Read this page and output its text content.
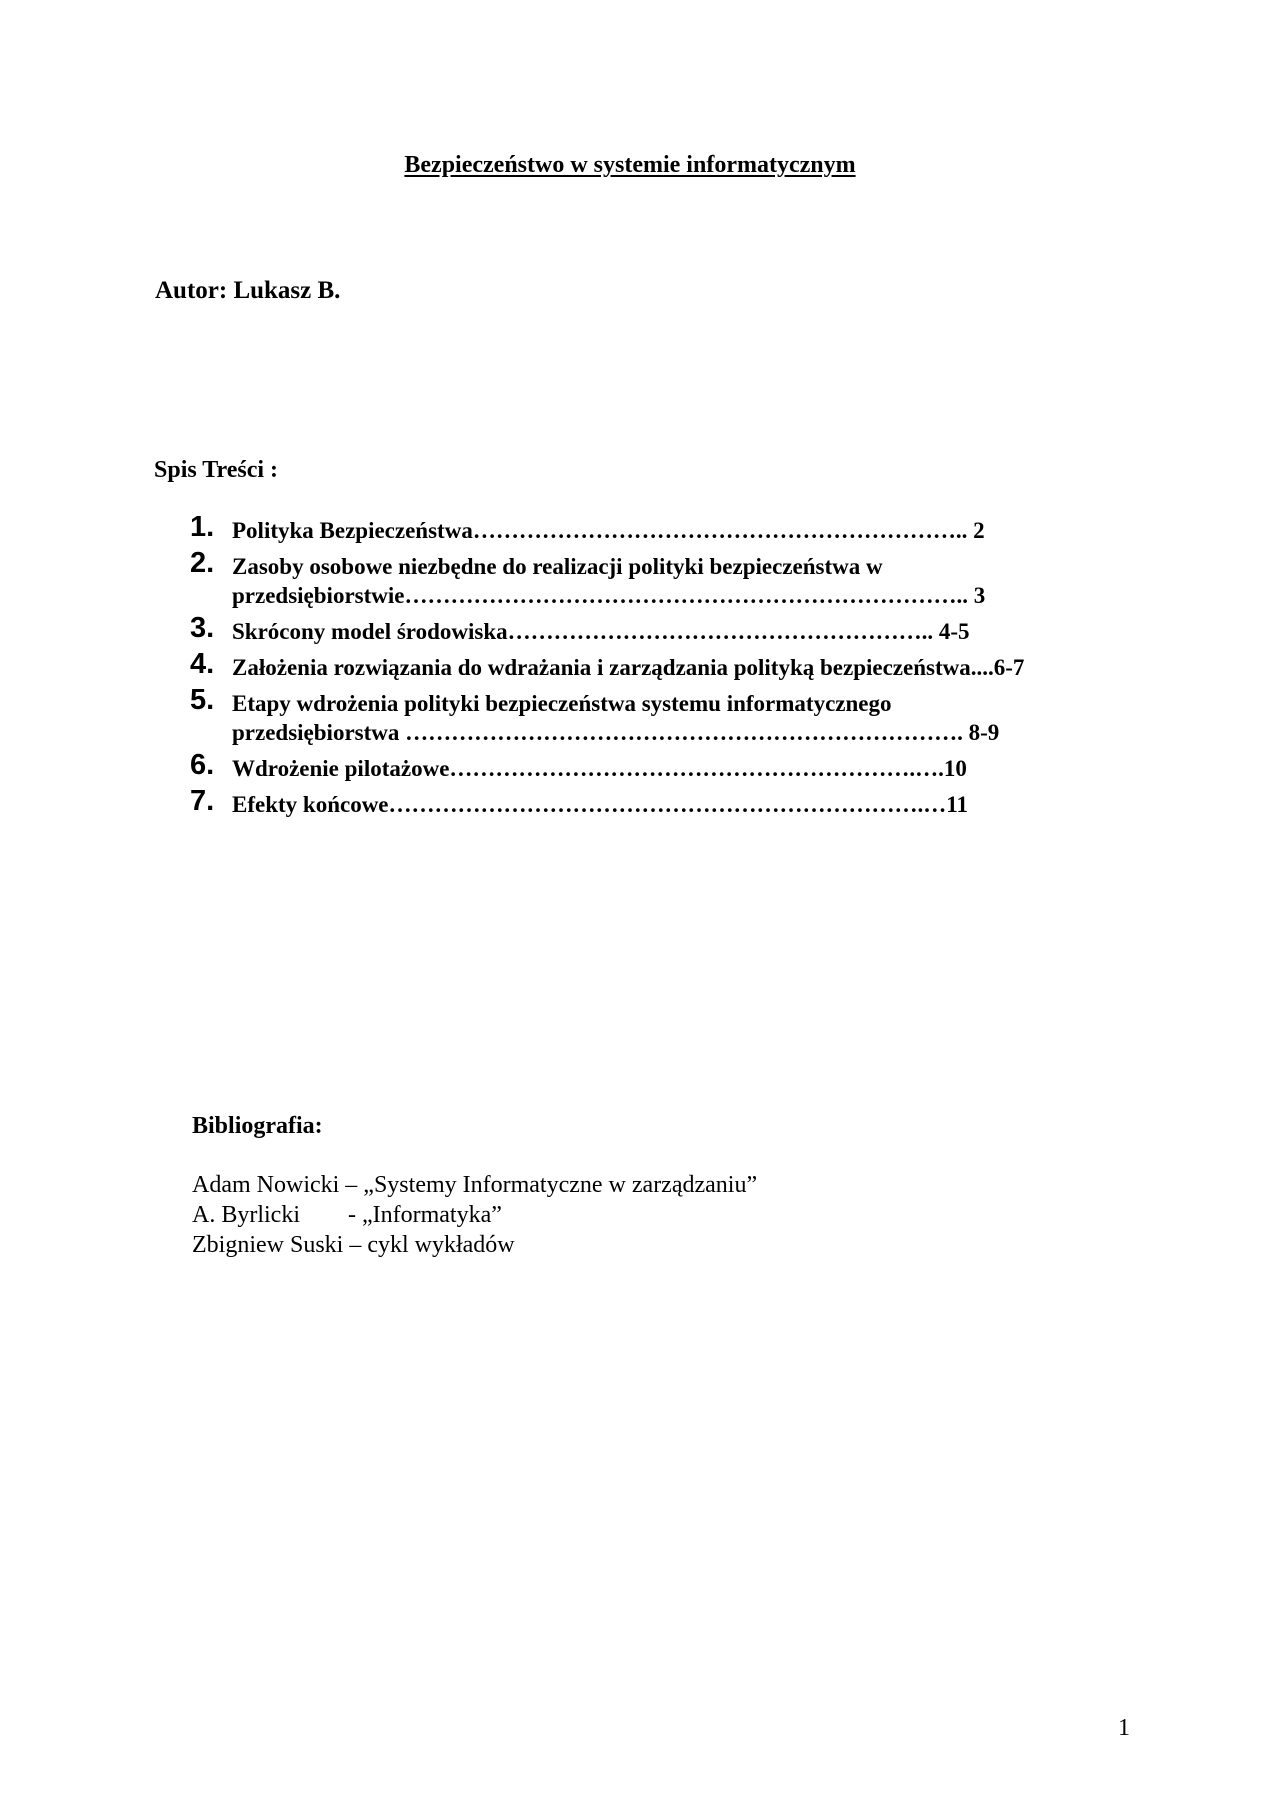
Bezpieczeństwo w systemie informatycznym
Autor: Lukasz B.
Spis Treści :
1. Polityka Bezpieczeństwa……………………………………………………….. 2
2. Zasoby osobowe niezbędne do realizacji polityki bezpieczeństwa w
przedsiębiorstwie……………………………………………………………….. 3
3. Skrócony model środowiska……………………………………………….. 4-5
4. Założenia rozwiązania do wdrażania i zarządzania polityką bezpieczeństwa....6-7
5. Etapy wdrożenia polityki bezpieczeństwa systemu informatycznego
przedsiębiorstwa ………………………………………………………………. 8-9
6. Wdrożenie pilotażowe…………………………………………………….….10
7. Efekty końcowe…………………………………………………………….…11
Bibliografia:
Adam Nowicki – „Systemy Informatyczne w zarządzaniu”
A. Byrlicki        - „Informatyka”
Zbigniew Suski – cykl wykładów
1
